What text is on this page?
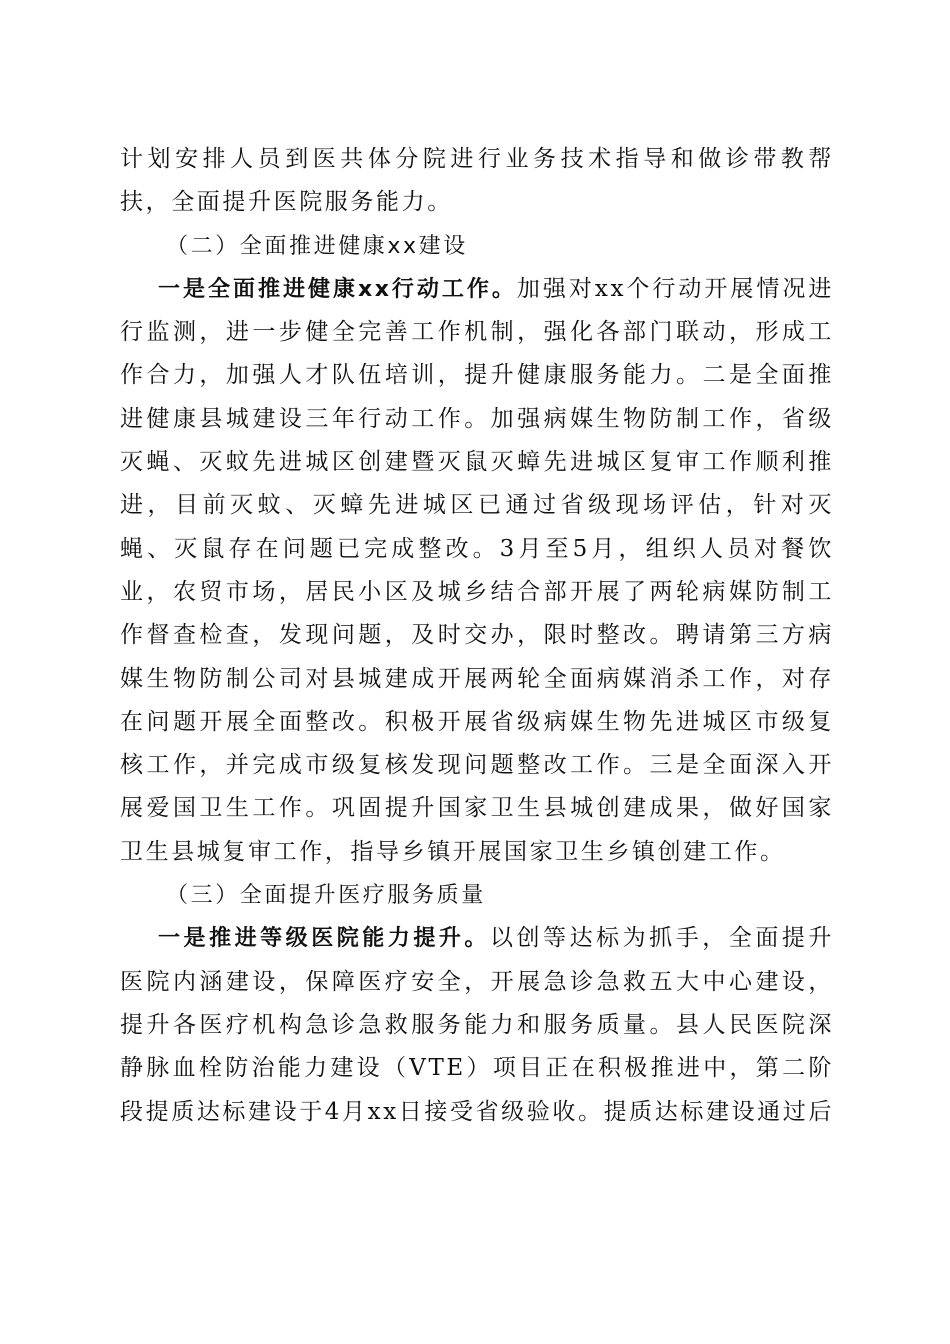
计划安排人员到医共体分院进行业务技术指导和做诊带教帮扶，全面提升医院服务能力。

（二）全面推进健康xx建设

一是全面推进健康xx行动工作。加强对xx个行动开展情况进行监测，进一步健全完善工作机制，强化各部门联动，形成工作合力，加强人才队伍培训，提升健康服务能力。二是全面推进健康县城建设三年行动工作。加强病媒生物防制工作，省级灭蝇、灭蚊先进城区创建暨灭鼠灭蟑先进城区复审工作顺利推进，目前灭蚊、灭蟑先进城区已通过省级现场评估，针对灭蝇、灭鼠存在问题已完成整改。3月至5月，组织人员对餐饮业，农贸市场，居民小区及城乡结合部开展了两轮病媒防制工作督查检查，发现问题，及时交办，限时整改。聘请第三方病媒生物防制公司对县城建成开展两轮全面病媒消杀工作，对存在问题开展全面整改。积极开展省级病媒生物先进城区市级复核工作，并完成市级复核发现问题整改工作。三是全面深入开展爱国卫生工作。巩固提升国家卫生县城创建成果，做好国家卫生县城复审工作，指导乡镇开展国家卫生乡镇创建工作。

（三）全面提升医疗服务质量

一是推进等级医院能力提升。以创等达标为抓手，全面提升医院内涵建设，保障医疗安全，开展急诊急救五大中心建设，提升各医疗机构急诊急救服务能力和服务质量。县人民医院深静脉血栓防治能力建设（VTE）项目正在积极推进中，第二阶段提质达标建设于4月xx日接受省级验收。提质达标建设通过后
